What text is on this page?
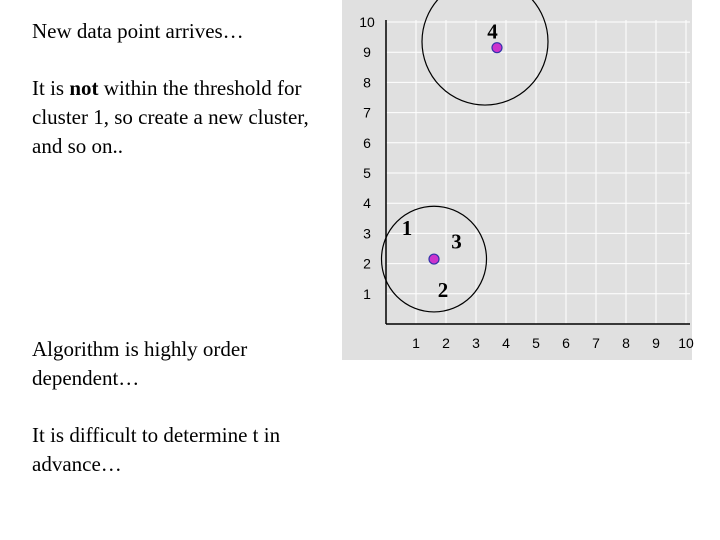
New data point arrives…
It is not within the threshold for cluster 1, so create a new cluster, and so on..
Algorithm is highly order dependent…
It is difficult to determine t in advance…
1
2
3
4
5
6
7
8
9
10
1 2 3 4 5 6 7 8 9 10
1
3
2
4
